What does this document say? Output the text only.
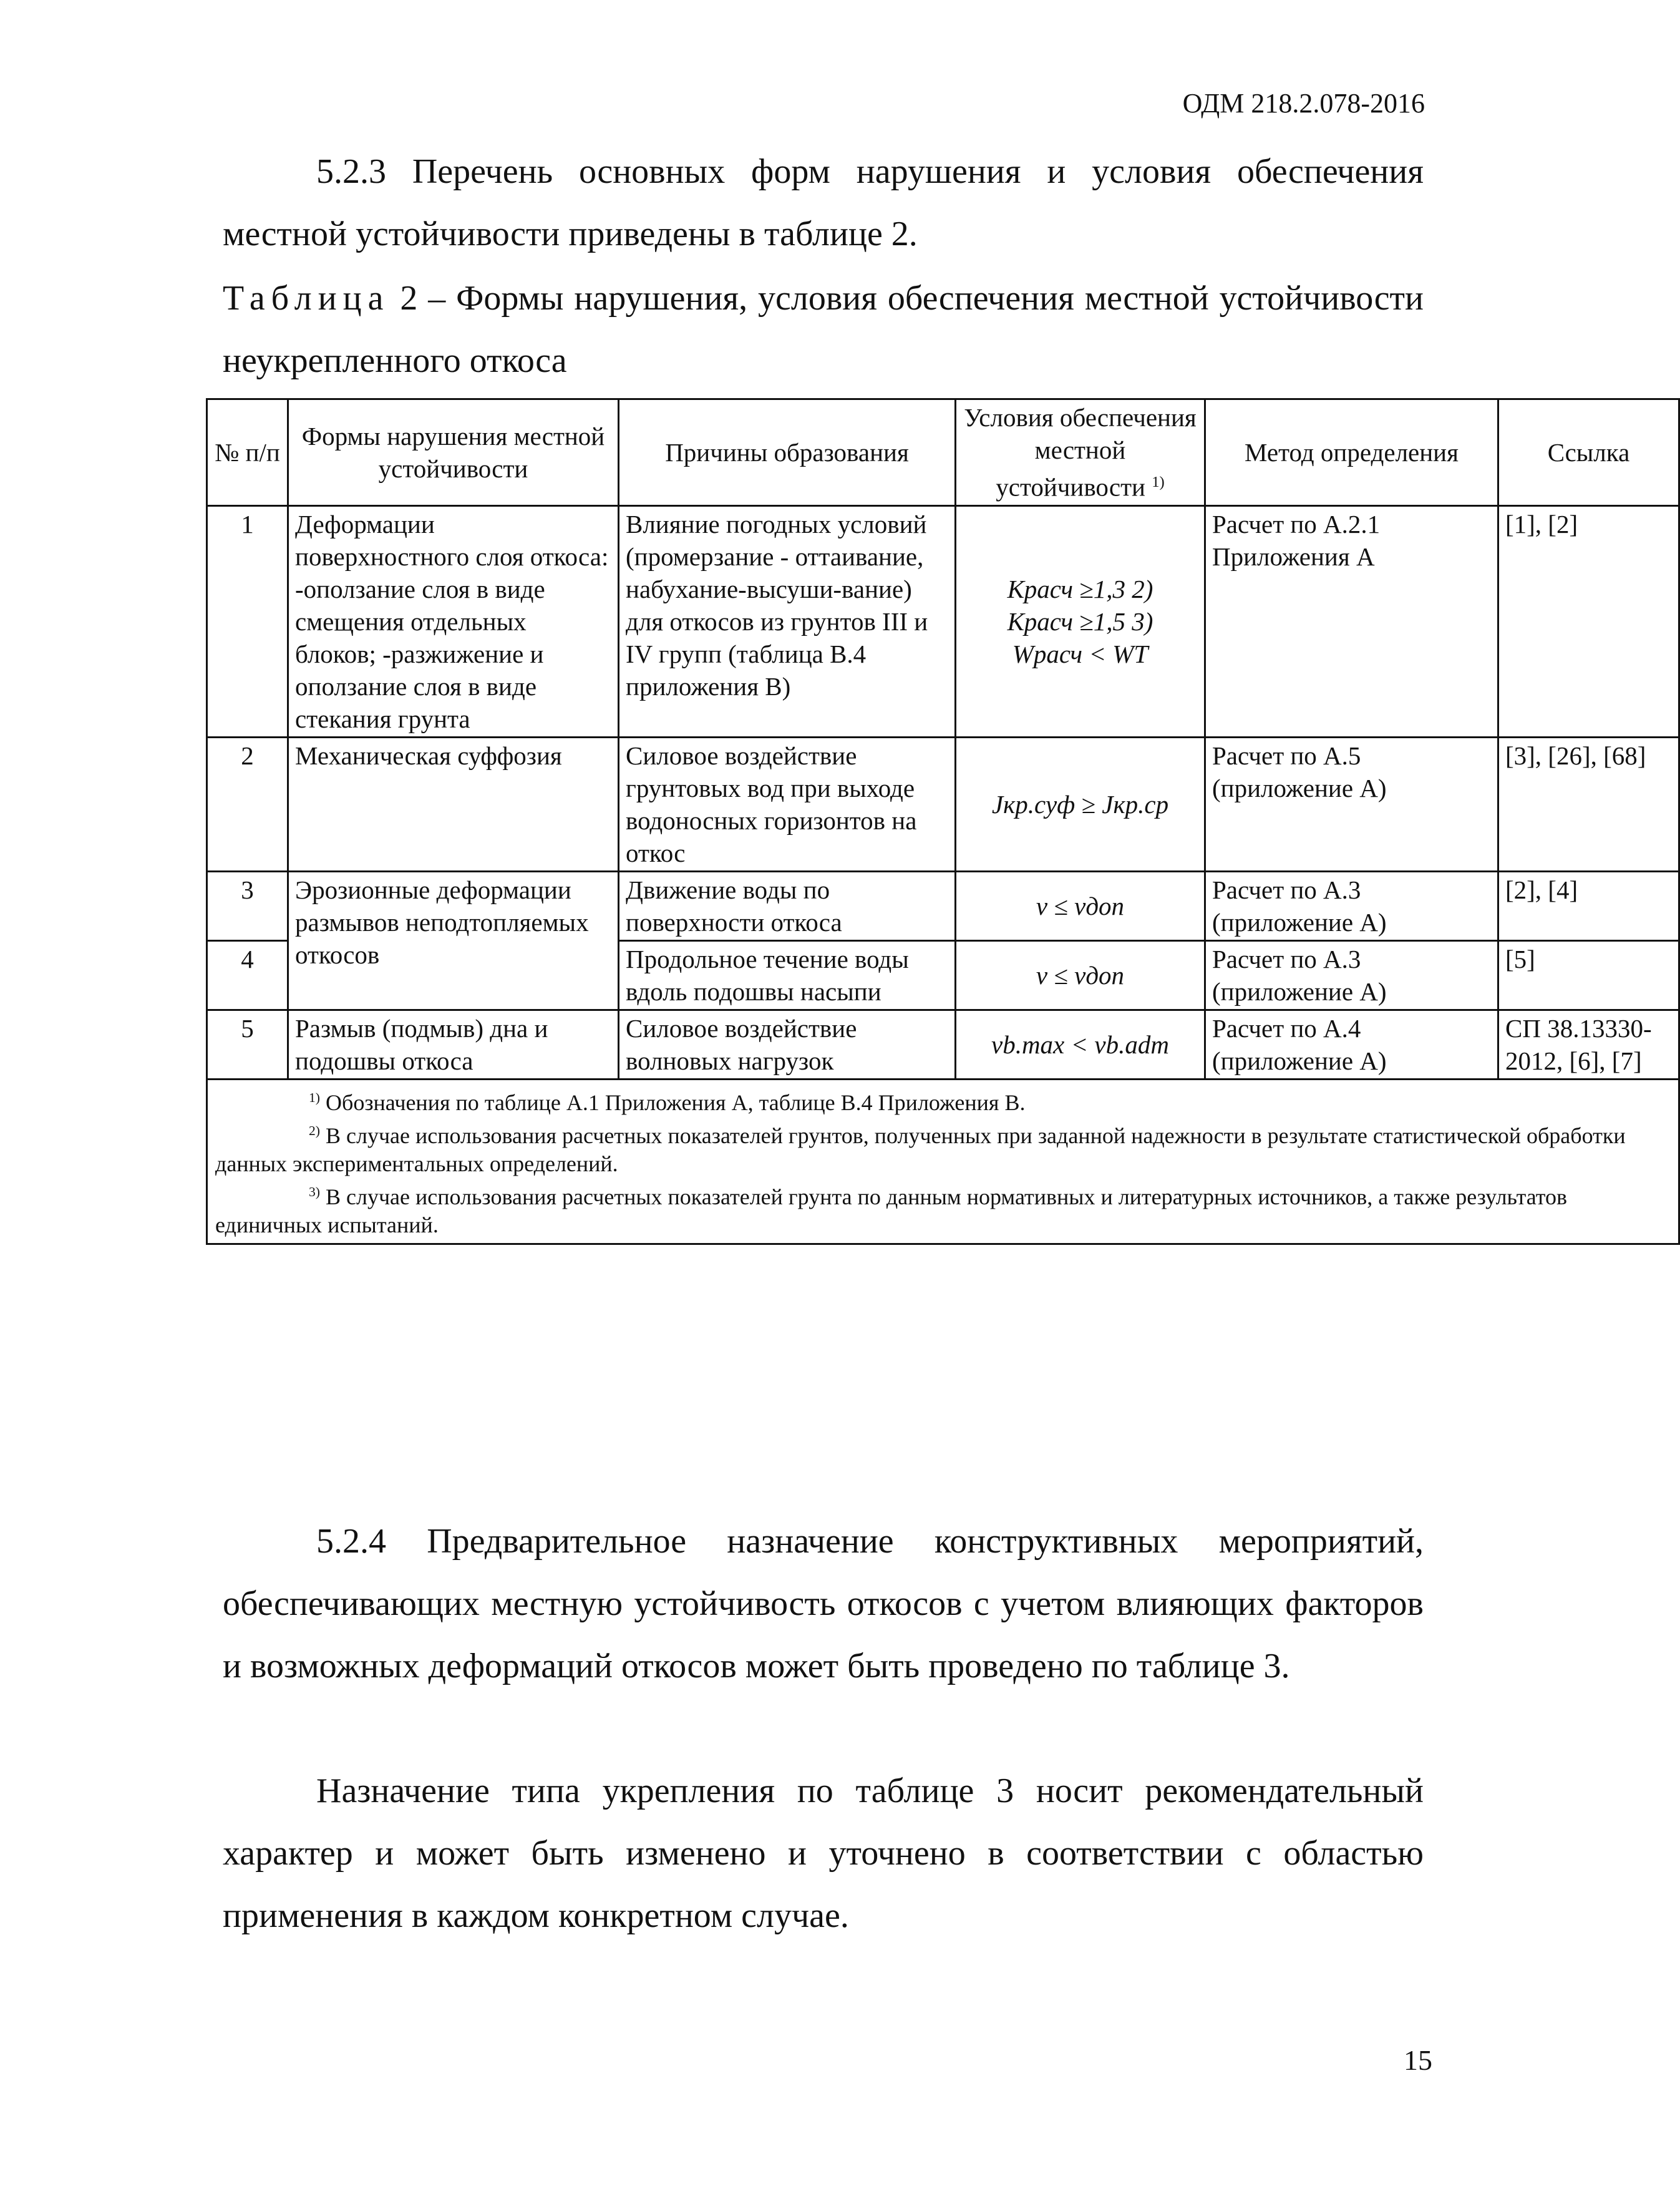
ОДМ 218.2.078-2016
5.2.3 Перечень основных форм нарушения и условия обеспечения местной устойчивости приведены в таблице 2.
Таблица 2 – Формы нарушения, условия обеспечения местной устойчивости неукрепленного откоса
№ п/п	Формы нарушения местной устойчивости	Причины образования	Условия обеспечения местной устойчивости $^{1)}$	Метод определения	Ссылка
1	Деформации поверхностного слоя откоса: -оползание слоя в виде смещения отдельных блоков; -разжижение и оползание слоя в виде стекания грунта	Влияние погодных условий (промерзание - оттаивание, набухание-высуши-вание) для откосов из грунтов III и IV групп (таблица В.4 приложения В)	Красч ≥1,3 2)
Красч ≥1,5 3)
Wрасч < WТ	Расчет по А.2.1 Приложения А	[1], [2]
2	Механическая суффозия	Силовое воздействие грунтовых вод при выходе водоносных горизонтов на откос	Jкр.суф ≥ Jкр.ср	Расчет по А.5 (приложение А)	[3], [26], [68]
3	Эрозионные деформации размывов неподтопляемых откосов	Движение воды по поверхности откоса	v ≤ vдоп	Расчет по А.3 (приложение А)	[2], [4]
4		Продольное течение воды вдоль подошвы насыпи	v ≤ vдоп	Расчет по А.3 (приложение А)	[5]
5	Размыв (подмыв) дна и подошвы откоса	Силовое воздействие волновых нагрузок	vb.max < vb.adm	Расчет по А.4 (приложение А)	СП 38.13330-2012, [6], [7]

$^{1)}$ Обозначения по таблице А.1 Приложения А, таблице В.4 Приложения В.
$^{2)}$ В случае использования расчетных показателей грунтов, полученных при заданной надежности в результате статистической обработки данных экспериментальных определений.
$^{3)}$ В случае использования расчетных показателей грунта по данным нормативных и литературных источников, а также результатов единичных испытаний.					
5.2.4 Предварительное назначение конструктивных мероприятий, обеспечивающих местную устойчивость откосов с учетом влияющих факторов и возможных деформаций откосов может быть проведено по таблице 3.
Назначение типа укрепления по таблице 3 носит рекомендательный характер и может быть изменено и уточнено в соответствии с областью применения в каждом конкретном случае.
15
